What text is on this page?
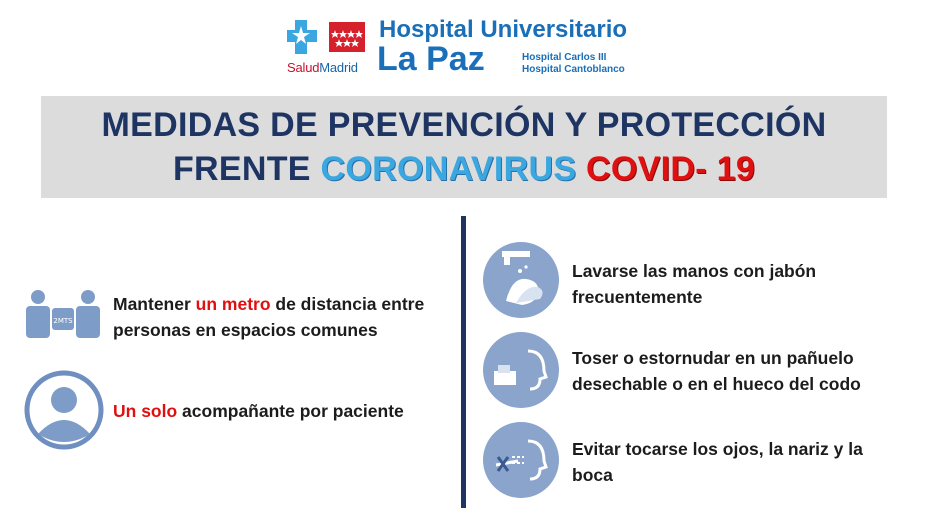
SaludMadrid
Hospital Universitario
La Paz	Hospital Carlos III
Hospital Cantoblanco
MEDIDAS DE PREVENCIÓN Y PROTECCIÓN
FRENTE CORONAVIRUS COVID- 19
2MTS
Mantener un metro de distancia entre
personas en espacios comunes
Un solo acompañante por paciente
Lavarse las manos con jabón
frecuentemente
Toser o estornudar en un pañuelo
desechable o en el hueco del codo
Evitar tocarse los ojos, la nariz y la
boca
